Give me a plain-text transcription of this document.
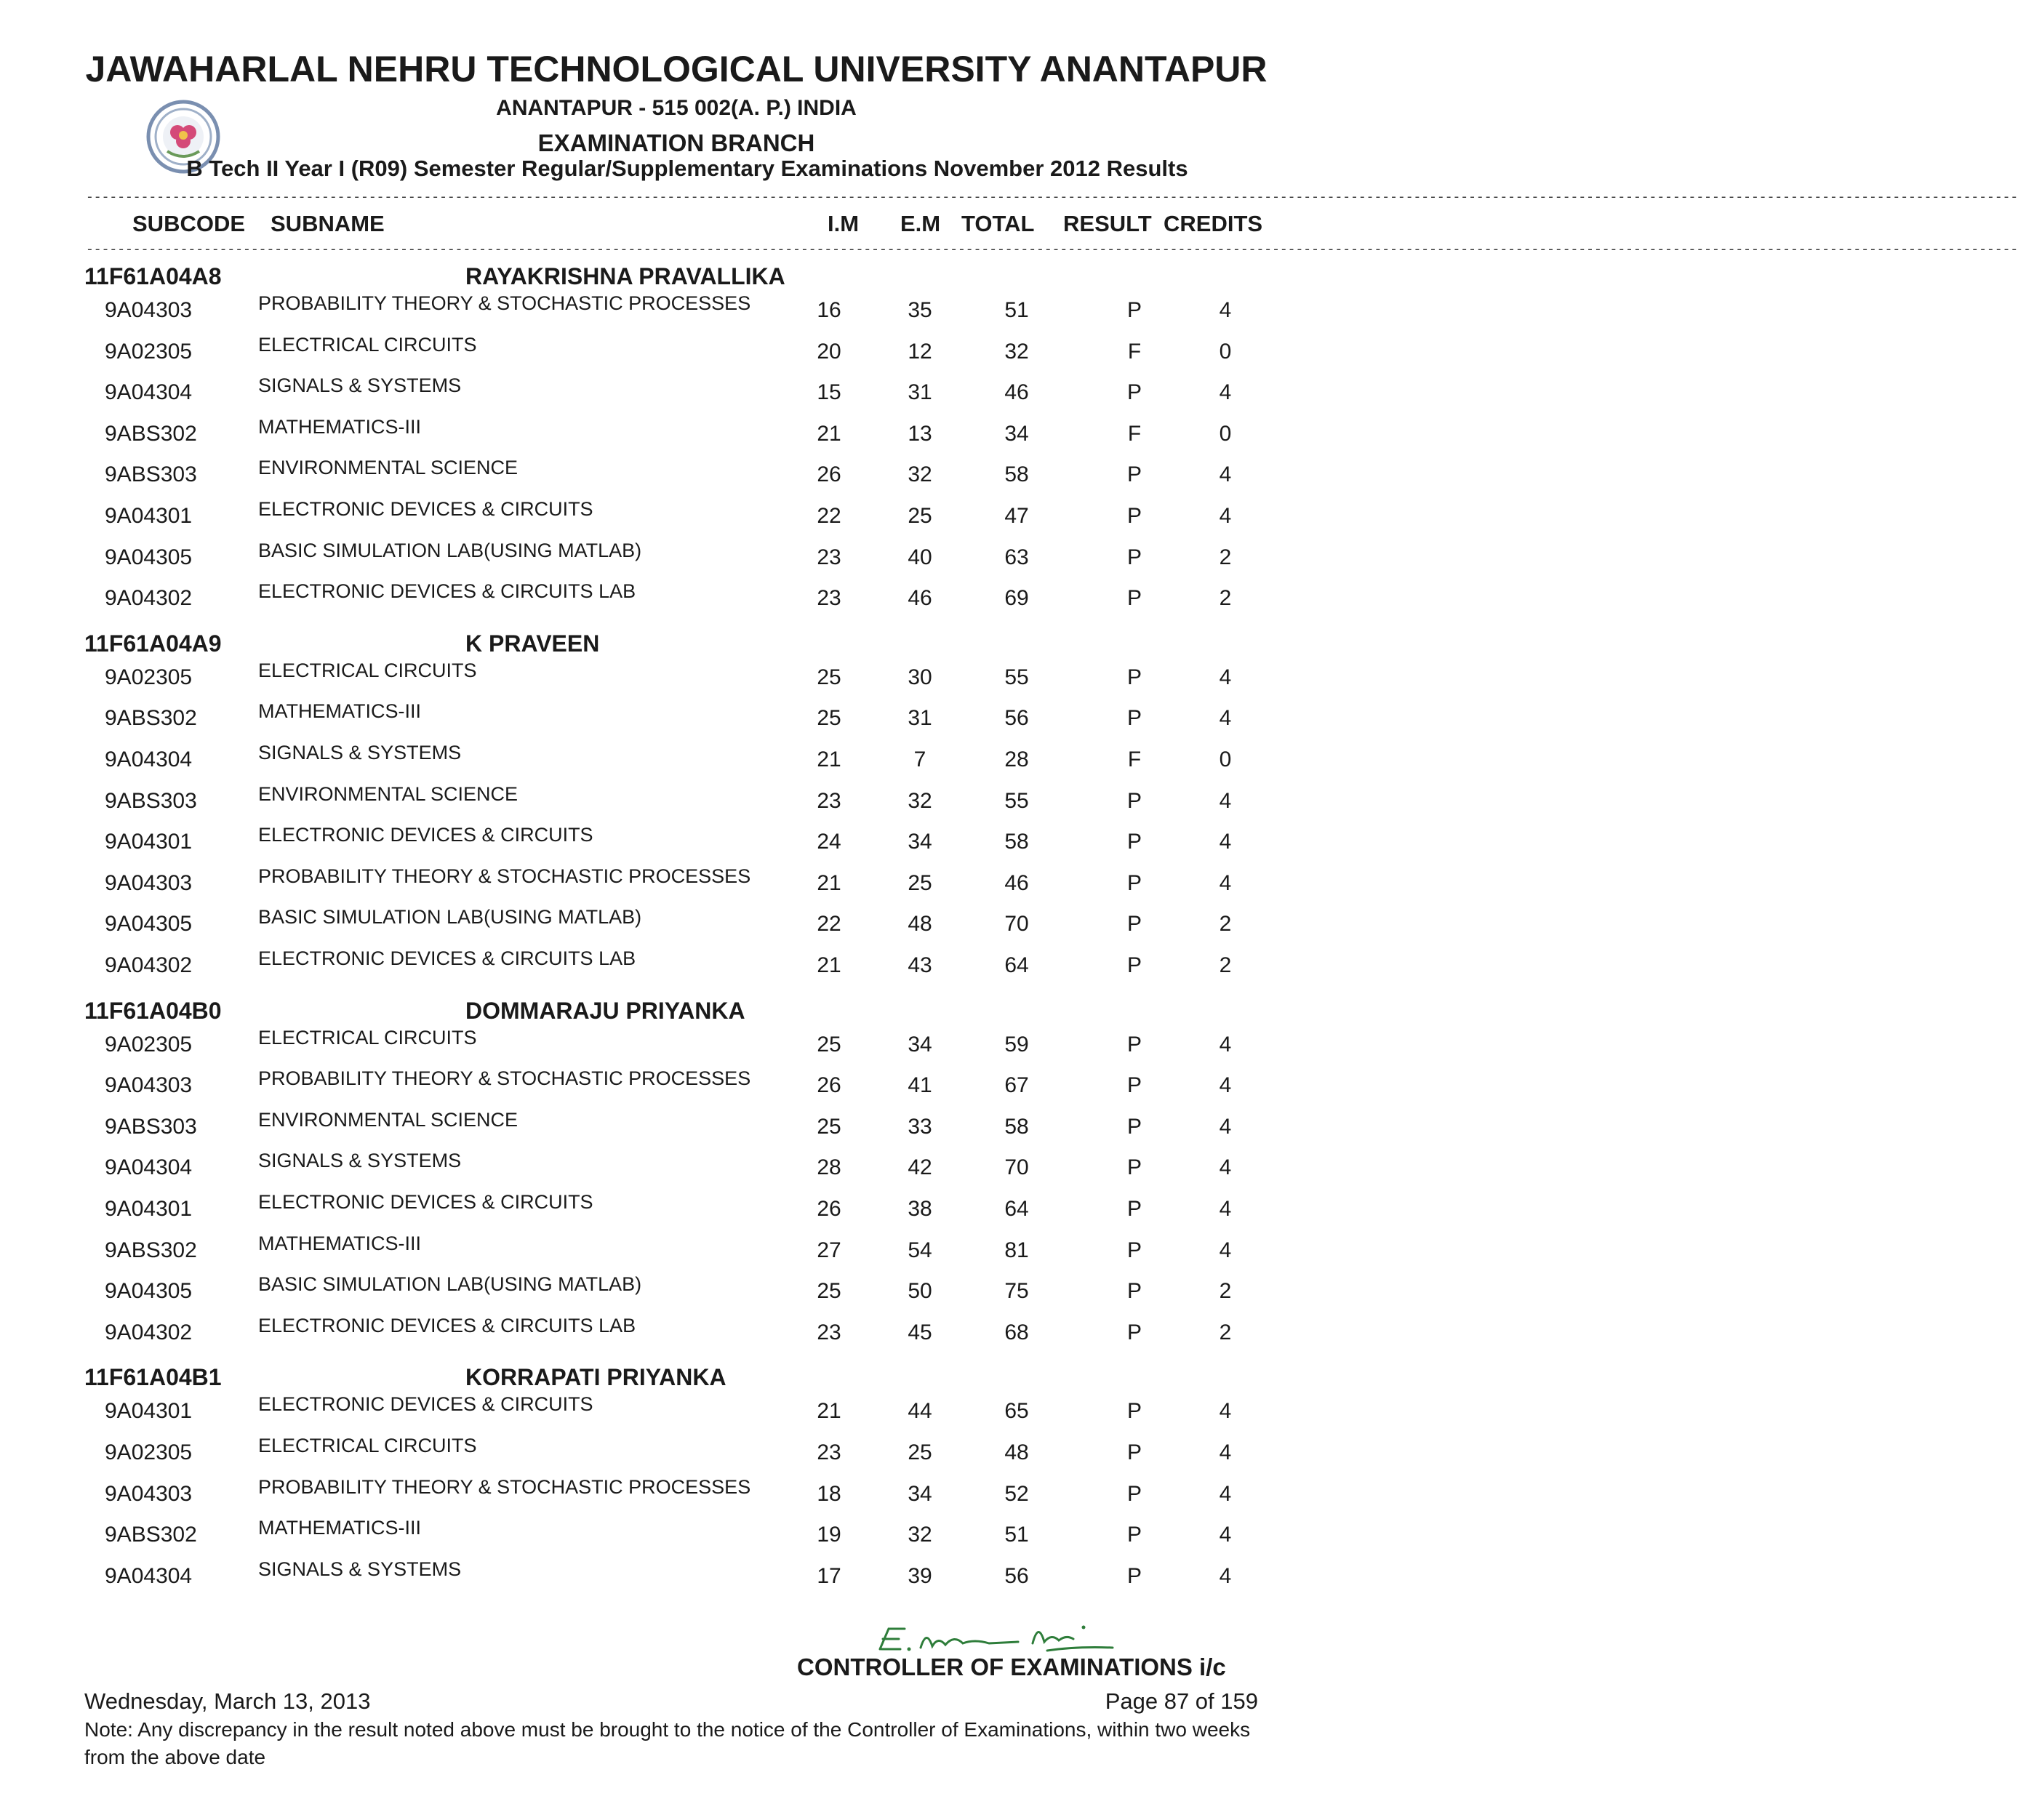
JAWAHARLAL NEHRU TECHNOLOGICAL UNIVERSITY ANANTAPUR
ANANTAPUR - 515 002(A. P.) INDIA
EXAMINATION BRANCH
B Tech II Year I (R09) Semester Regular/Supplementary Examinations November 2012 Results
------------------------------------------------------------------------------------------------------------------------------------------------------------------------------------------------------------------------------------------------------
SUBCODE SUBNAME	I.M E.M TOTAL RESULT CREDITS
------------------------------------------------------------------------------------------------------------------------------------------------------------------------------------------------------------------------------------------------------
11F61A04A8	RAYAKRISHNA PRAVALLIKA
9A04303	PROBABILITY THEORY & STOCHASTIC PROCESSES	16	35	51	P	4
9A02305	ELECTRICAL CIRCUITS	20	12	32	F	0
9A04304	SIGNALS & SYSTEMS	15	31	46	P	4
9ABS302	MATHEMATICS-III	21	13	34	F	0
9ABS303	ENVIRONMENTAL SCIENCE	26	32	58	P	4
9A04301	ELECTRONIC DEVICES & CIRCUITS	22	25	47	P	4
9A04305	BASIC SIMULATION LAB(USING MATLAB)	23	40	63	P	2
9A04302	ELECTRONIC DEVICES & CIRCUITS LAB	23	46	69	P	2
11F61A04A9	K PRAVEEN
9A02305	ELECTRICAL CIRCUITS	25	30	55	P	4
9ABS302	MATHEMATICS-III	25	31	56	P	4
9A04304	SIGNALS & SYSTEMS	21	7	28	F	0
9ABS303	ENVIRONMENTAL SCIENCE	23	32	55	P	4
9A04301	ELECTRONIC DEVICES & CIRCUITS	24	34	58	P	4
9A04303	PROBABILITY THEORY & STOCHASTIC PROCESSES	21	25	46	P	4
9A04305	BASIC SIMULATION LAB(USING MATLAB)	22	48	70	P	2
9A04302	ELECTRONIC DEVICES & CIRCUITS LAB	21	43	64	P	2
11F61A04B0	DOMMARAJU PRIYANKA
9A02305	ELECTRICAL CIRCUITS	25	34	59	P	4
9A04303	PROBABILITY THEORY & STOCHASTIC PROCESSES	26	41	67	P	4
9ABS303	ENVIRONMENTAL SCIENCE	25	33	58	P	4
9A04304	SIGNALS & SYSTEMS	28	42	70	P	4
9A04301	ELECTRONIC DEVICES & CIRCUITS	26	38	64	P	4
9ABS302	MATHEMATICS-III	27	54	81	P	4
9A04305	BASIC SIMULATION LAB(USING MATLAB)	25	50	75	P	2
9A04302	ELECTRONIC DEVICES & CIRCUITS LAB	23	45	68	P	2
11F61A04B1	KORRAPATI PRIYANKA
9A04301	ELECTRONIC DEVICES & CIRCUITS	21	44	65	P	4
9A02305	ELECTRICAL CIRCUITS	23	25	48	P	4
9A04303	PROBABILITY THEORY & STOCHASTIC PROCESSES	18	34	52	P	4
9ABS302	MATHEMATICS-III	19	32	51	P	4
9A04304	SIGNALS & SYSTEMS	17	39	56	P	4
CONTROLLER OF EXAMINATIONS i/c
Wednesday, March 13, 2013	Page 87 of 159
Note: Any discrepancy in the result noted above must be brought to the notice of the Controller of Examinations, within two weeks from the above date
